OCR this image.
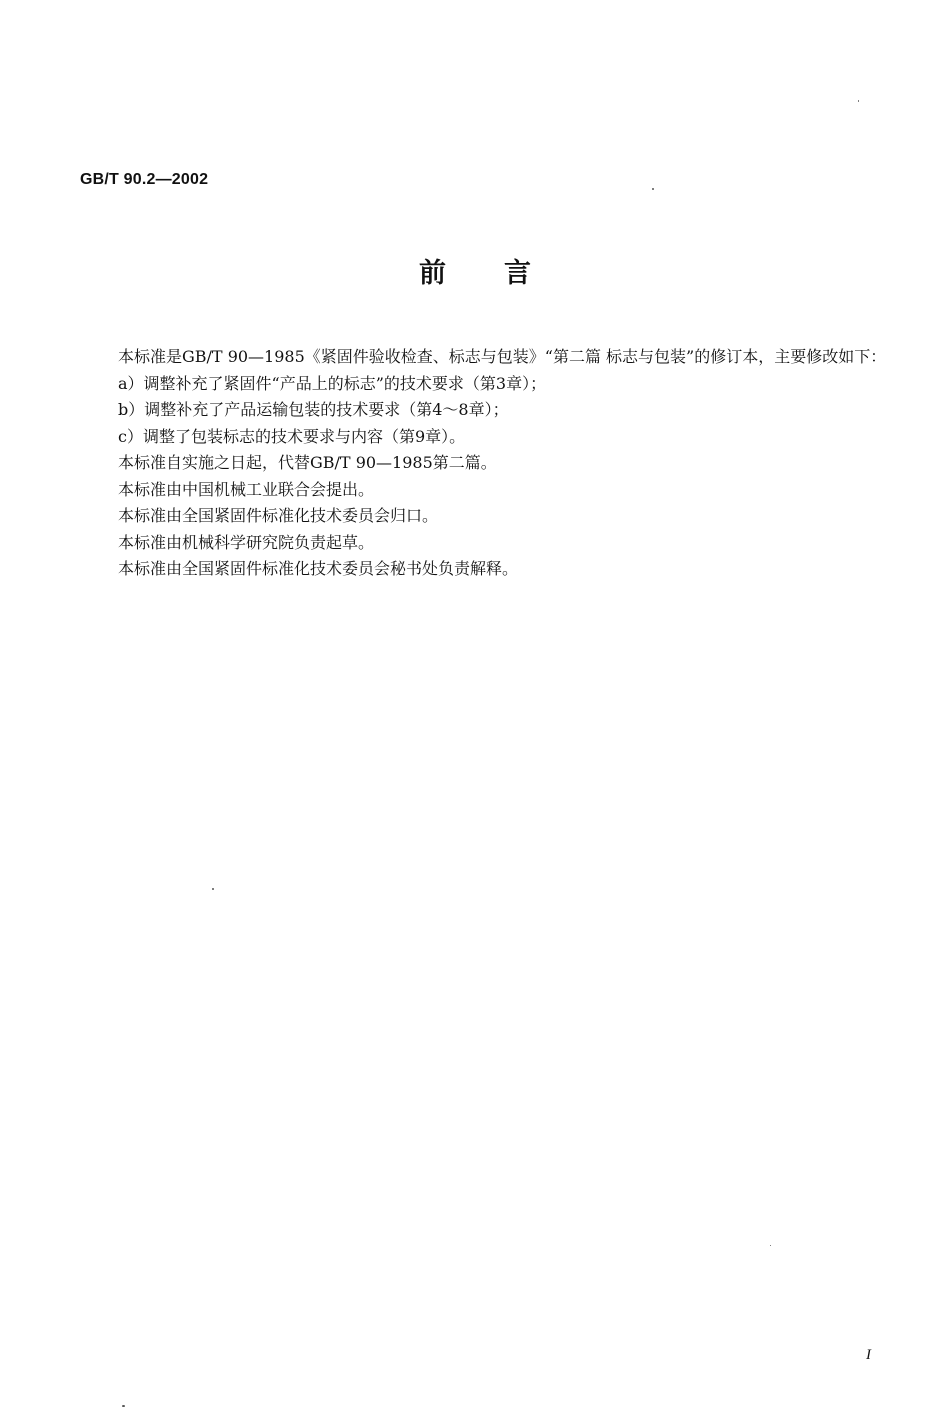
GB/T 90.2—2002
前言

本标准是GB/T 90—1985《紧固件验收检查、标志与包装》“第二篇 标志与包装”的修订本，主要修改如下：

a）调整补充了紧固件“产品上的标志”的技术要求（第3章）；

b）调整补充了产品运输包装的技术要求（第4～8章）；

c）调整了包装标志的技术要求与内容（第9章）。

本标准自实施之日起，代替GB/T 90—1985第二篇。

本标准由中国机械工业联合会提出。

本标准由全国紧固件标准化技术委员会归口。

本标准由机械科学研究院负责起草。

本标准由全国紧固件标准化技术委员会秘书处负责解释。

I
